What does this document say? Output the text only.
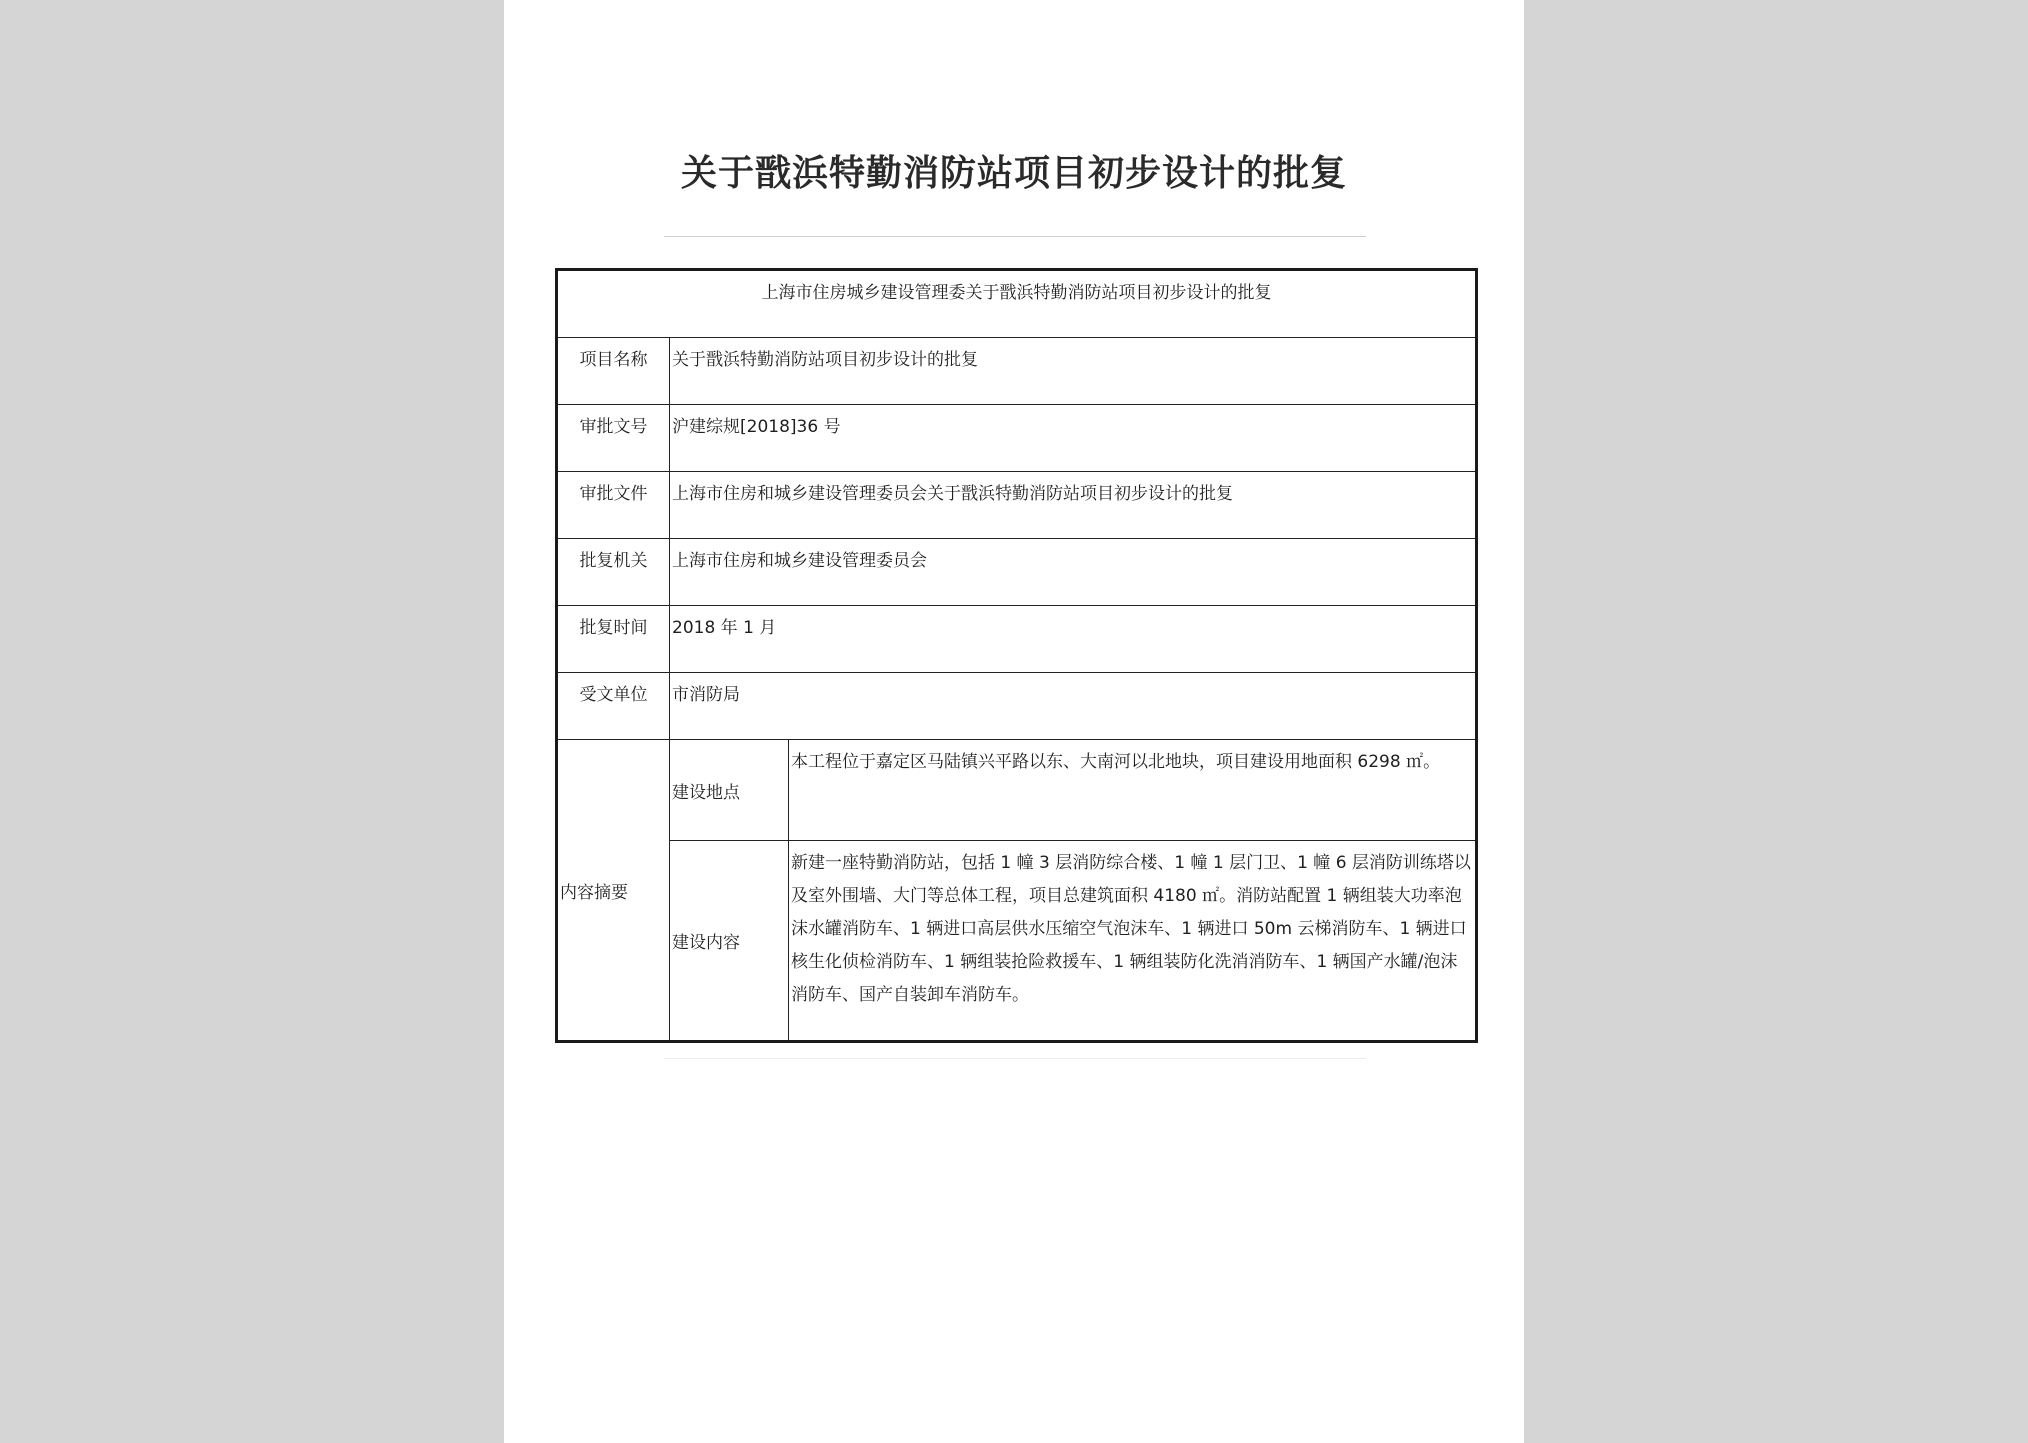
关于戬浜特勤消防站项目初步设计的批复
上海市住房城乡建设管理委关于戬浜特勤消防站项目初步设计的批复		
项目名称	关于戬浜特勤消防站项目初步设计的批复	
审批文号	沪建综规[2018]36 号	
审批文件	上海市住房和城乡建设管理委员会关于戬浜特勤消防站项目初步设计的批复	
批复机关	上海市住房和城乡建设管理委员会	
批复时间	2018 年 1 月	
受文单位	市消防局	
内容摘要	建设地点	本工程位于嘉定区马陆镇兴平路以东、大南河以北地块，项目建设用地面积 6298 ㎡。
	建设内容	新建一座特勤消防站，包括 1 幢 3 层消防综合楼、1 幢 1 层门卫、1 幢 6 层消防训练塔以及室外围墙、大门等总体工程，项目总建筑面积 4180 ㎡。消防站配置 1 辆组装大功率泡沫水罐消防车、1 辆进口高层供水压缩空气泡沫车、1 辆进口 50m 云梯消防车、1 辆进口核生化侦检消防车、1 辆组装抢险救援车、1 辆组装防化洗消消防车、1 辆国产水罐/泡沫消防车、国产自装卸车消防车。
